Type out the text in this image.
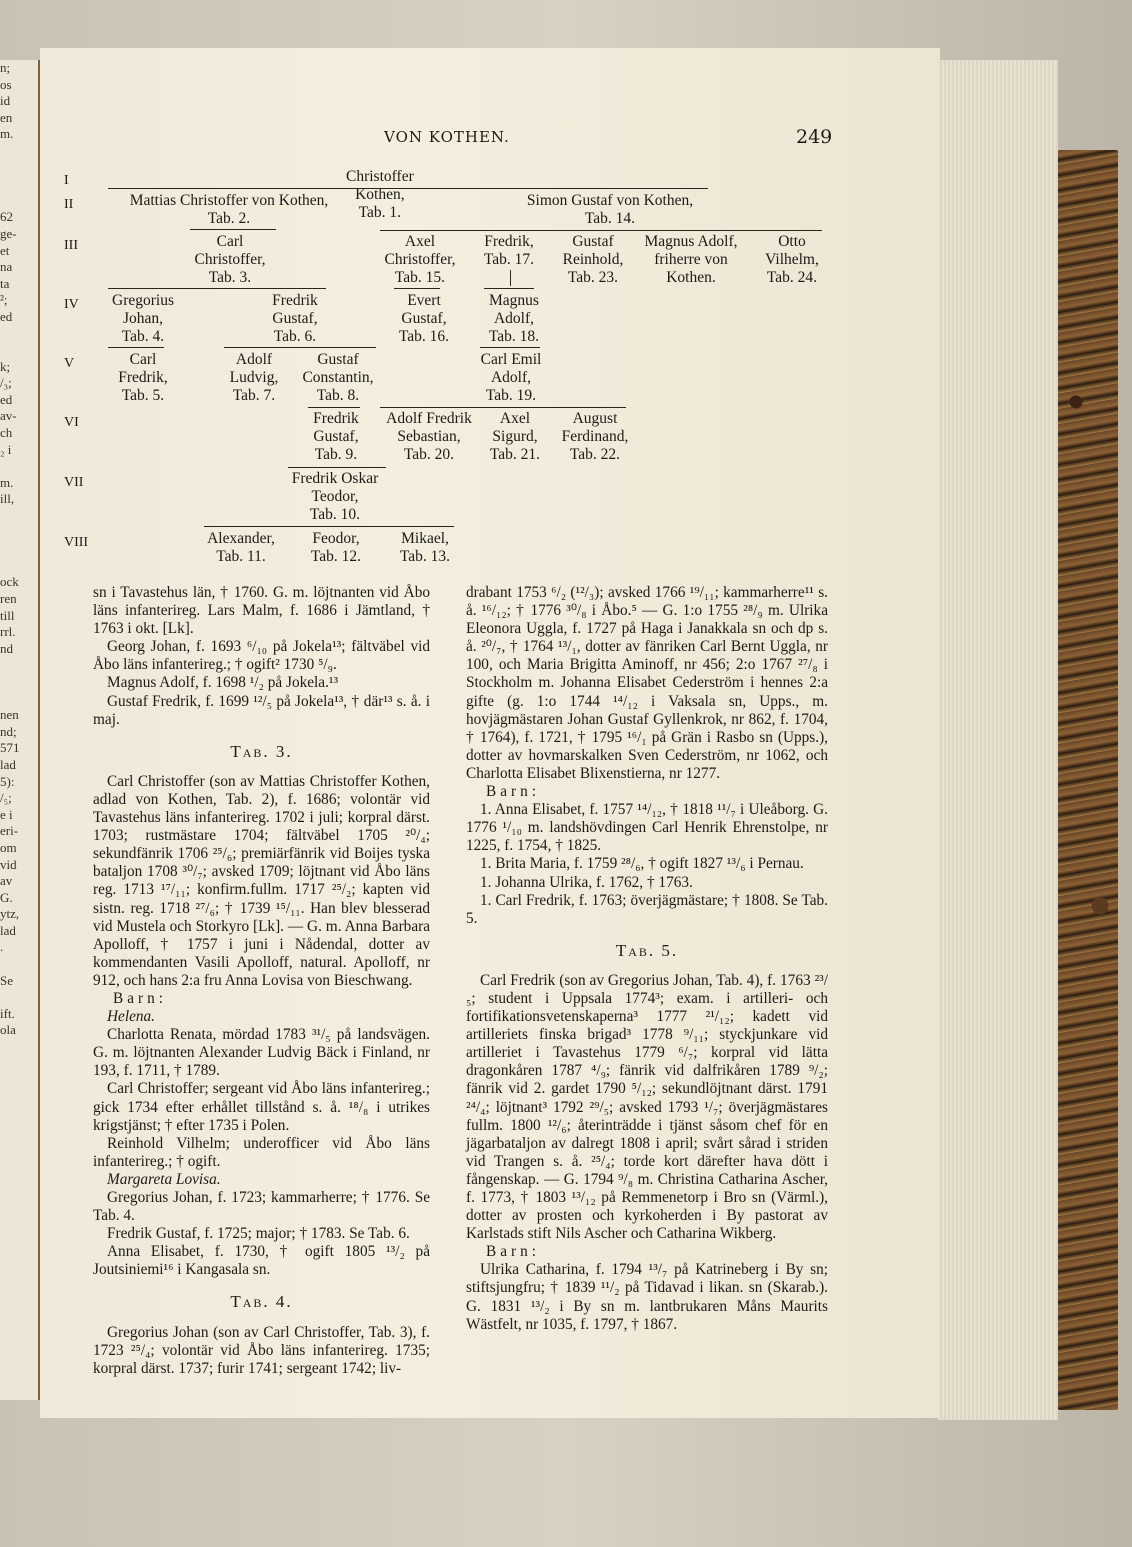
n;
os
id
en
m.

62
ge-
et
na
ta
²;
ed

k;
/₃;
ed
av-
ch
₂ i

m.
ill,

ock
ren
till
rrl.
nd

nen
nd;
571
lad
5):
/₅;
e i
eri-
om
vid
av
G.
ytz,
lad
.

Se

ift.
ola
VON KOTHEN.	249
I
II
III
IV
V
VI
VII
VIII
Christoffer Kothen, Tab. 1.
Mattias Christoffer von Kothen,
Tab. 2.
Simon Gustaf von Kothen,
Tab. 14.
Carl
Christoffer,
Tab. 3.
Axel
Christoffer,
Tab. 15.
Fredrik,
Tab. 17.
Gustaf
Reinhold,
Tab. 23.
Magnus Adolf,
friherre von
Kothen.
Otto
Vilhelm,
Tab. 24.
Gregorius
Johan,
Tab. 4.
Fredrik
Gustaf,
Tab. 6.
Evert
Gustaf,
Tab. 16.
Magnus
Adolf,
Tab. 18.
Carl
Fredrik,
Tab. 5.
Adolf
Ludvig,
Tab. 7.
Gustaf
Constantin,
Tab. 8.
Carl Emil
Adolf,
Tab. 19.
Fredrik
Gustaf,
Tab. 9.
Adolf Fredrik
Sebastian,
Tab. 20.
Axel
Sigurd,
Tab. 21.
August
Ferdinand,
Tab. 22.
Fredrik Oskar
Teodor,
Tab. 10.
Alexander,
Tab. 11.
Feodor,
Tab. 12.
Mikael,
Tab. 13.

sn i Tavastehus län, † 1760. G. m. löjtnanten vid Åbo läns infanterireg. Lars Malm, f. 1686 i Jämtland, † 1763 i okt. [Lk].

Georg Johan, f. 1693 ⁶/₁₀ på Jokela¹³; fältväbel vid Åbo läns infanterireg.; † ogift² 1730 ⁵/₉.

Magnus Adolf, f. 1698 ¹/₂ på Jokela.¹³

Gustaf Fredrik, f. 1699 ¹²/₅ på Jokela¹³, † där¹³ s. å. i maj.

Tab. 3.

Carl Christoffer (son av Mattias Christoffer Kothen, adlad von Kothen, Tab. 2), f. 1686; volontär vid Tavastehus läns infanterireg. 1702 i juli; korpral därst. 1703; rustmästare 1704; fältväbel 1705 ²⁰/₄; sekundfänrik 1706 ²⁵/₆; premiärfänrik vid Boijes tyska bataljon 1708 ³⁰/₇; avsked 1709; löjtnant vid Åbo läns reg. 1713 ¹⁷/₁₁; konfirm.fullm. 1717 ²⁵/₂; kapten vid sistn. reg. 1718 ²⁷/₆; † 1739 ¹⁵/₁₁. Han blev blesserad vid Mustela och Storkyro [Lk]. — G. m. Anna Barbara Apolloff, † 1757 i juni i Nådendal, dotter av kommendanten Vasili Apolloff, natural. Apolloff, nr 912, och hans 2:a fru Anna Lovisa von Bieschwang.

Barn:

Helena.

Charlotta Renata, mördad 1783 ³¹/₅ på landsvägen. G. m. löjtnanten Alexander Ludvig Bäck i Finland, nr 193, f. 1711, † 1789.

Carl Christoffer; sergeant vid Åbo läns infanterireg.; gick 1734 efter erhållet tillstånd s. å. ¹⁸/₈ i utrikes krigstjänst; † efter 1735 i Polen.

Reinhold Vilhelm; underofficer vid Åbo läns infanterireg.; † ogift.

Margareta Lovisa.

Gregorius Johan, f. 1723; kammarherre; † 1776. Se Tab. 4.

Fredrik Gustaf, f. 1725; major; † 1783. Se Tab. 6.

Anna Elisabet, f. 1730, † ogift 1805 ¹³/₂ på Joutsiniemi¹⁶ i Kangasala sn.

Tab. 4.

Gregorius Johan (son av Carl Christoffer, Tab. 3), f. 1723 ²⁵/₄; volontär vid Åbo läns infanterireg. 1735; korpral därst. 1737; furir 1741; sergeant 1742; liv-

drabant 1753 ⁶/₂ (¹²/₃); avsked 1766 ¹⁹/₁₁; kammarherre¹¹ s. å. ¹⁶/₁₂; † 1776 ³⁰/₈ i Åbo.⁵ — G. 1:o 1755 ²⁸/₉ m. Ulrika Eleonora Uggla, f. 1727 på Haga i Janakkala sn och dp s. å. ²⁰/₇, † 1764 ¹³/₁, dotter av fänriken Carl Bernt Uggla, nr 100, och Maria Brigitta Aminoff, nr 456; 2:o 1767 ²⁷/₈ i Stockholm m. Johanna Elisabet Cederström i hennes 2:a gifte (g. 1:o 1744 ¹⁴/₁₂ i Vaksala sn, Upps., m. hovjägmästaren Johan Gustaf Gyllenkrok, nr 862, f. 1704, † 1764), f. 1721, † 1795 ¹⁶/₁ på Grän i Rasbo sn (Upps.), dotter av hovmarskalken Sven Cederström, nr 1062, och Charlotta Elisabet Blixenstierna, nr 1277.

Barn:

1. Anna Elisabet, f. 1757 ¹⁴/₁₂, † 1818 ¹¹/₇ i Uleåborg. G. 1776 ¹/₁₀ m. landshövdingen Carl Henrik Ehrenstolpe, nr 1225, f. 1754, † 1825.

1. Brita Maria, f. 1759 ²⁸/₆, † ogift 1827 ¹³/₆ i Pernau.

1. Johanna Ulrika, f. 1762, † 1763.

1. Carl Fredrik, f. 1763; överjägmästare; † 1808. Se Tab. 5.

Tab. 5.

Carl Fredrik (son av Gregorius Johan, Tab. 4), f. 1763 ²³/₅; student i Uppsala 1774³; exam. i artilleri- och fortifikationsvetenskaperna³ 1777 ²¹/₁₂; kadett vid artilleriets finska brigad³ 1778 ⁹/₁₁; styckjunkare vid artilleriet i Tavastehus 1779 ⁶/₇; korpral vid lätta dragonkåren 1787 ⁴/₉; fänrik vid dalfrikåren 1789 ⁹/₂; fänrik vid 2. gardet 1790 ⁵/₁₂; sekundlöjtnant därst. 1791 ²⁴/₄; löjtnant³ 1792 ²⁹/₅; avsked 1793 ¹/₇; överjägmästares fullm. 1800 ¹²/₆; återinträdde i tjänst såsom chef för en jägarbataljon av dalregt 1808 i april; svårt sårad i striden vid Trangen s. å. ²⁵/₄; torde kort därefter hava dött i fångenskap. — G. 1794 ⁹/₈ m. Christina Catharina Ascher, f. 1773, † 1803 ¹³/₁₂ på Remmenetorp i Bro sn (Värml.), dotter av prosten och kyrkoherden i By pastorat av Karlstads stift Nils Ascher och Catharina Wikberg.

Barn:

Ulrika Catharina, f. 1794 ¹³/₇ på Katrineberg i By sn; stiftsjungfru; † 1839 ¹¹/₂ på Tidavad i likan. sn (Skarab.). G. 1831 ¹³/₂ i By sn m. lantbrukaren Måns Maurits Wästfelt, nr 1035, f. 1797, † 1867.
